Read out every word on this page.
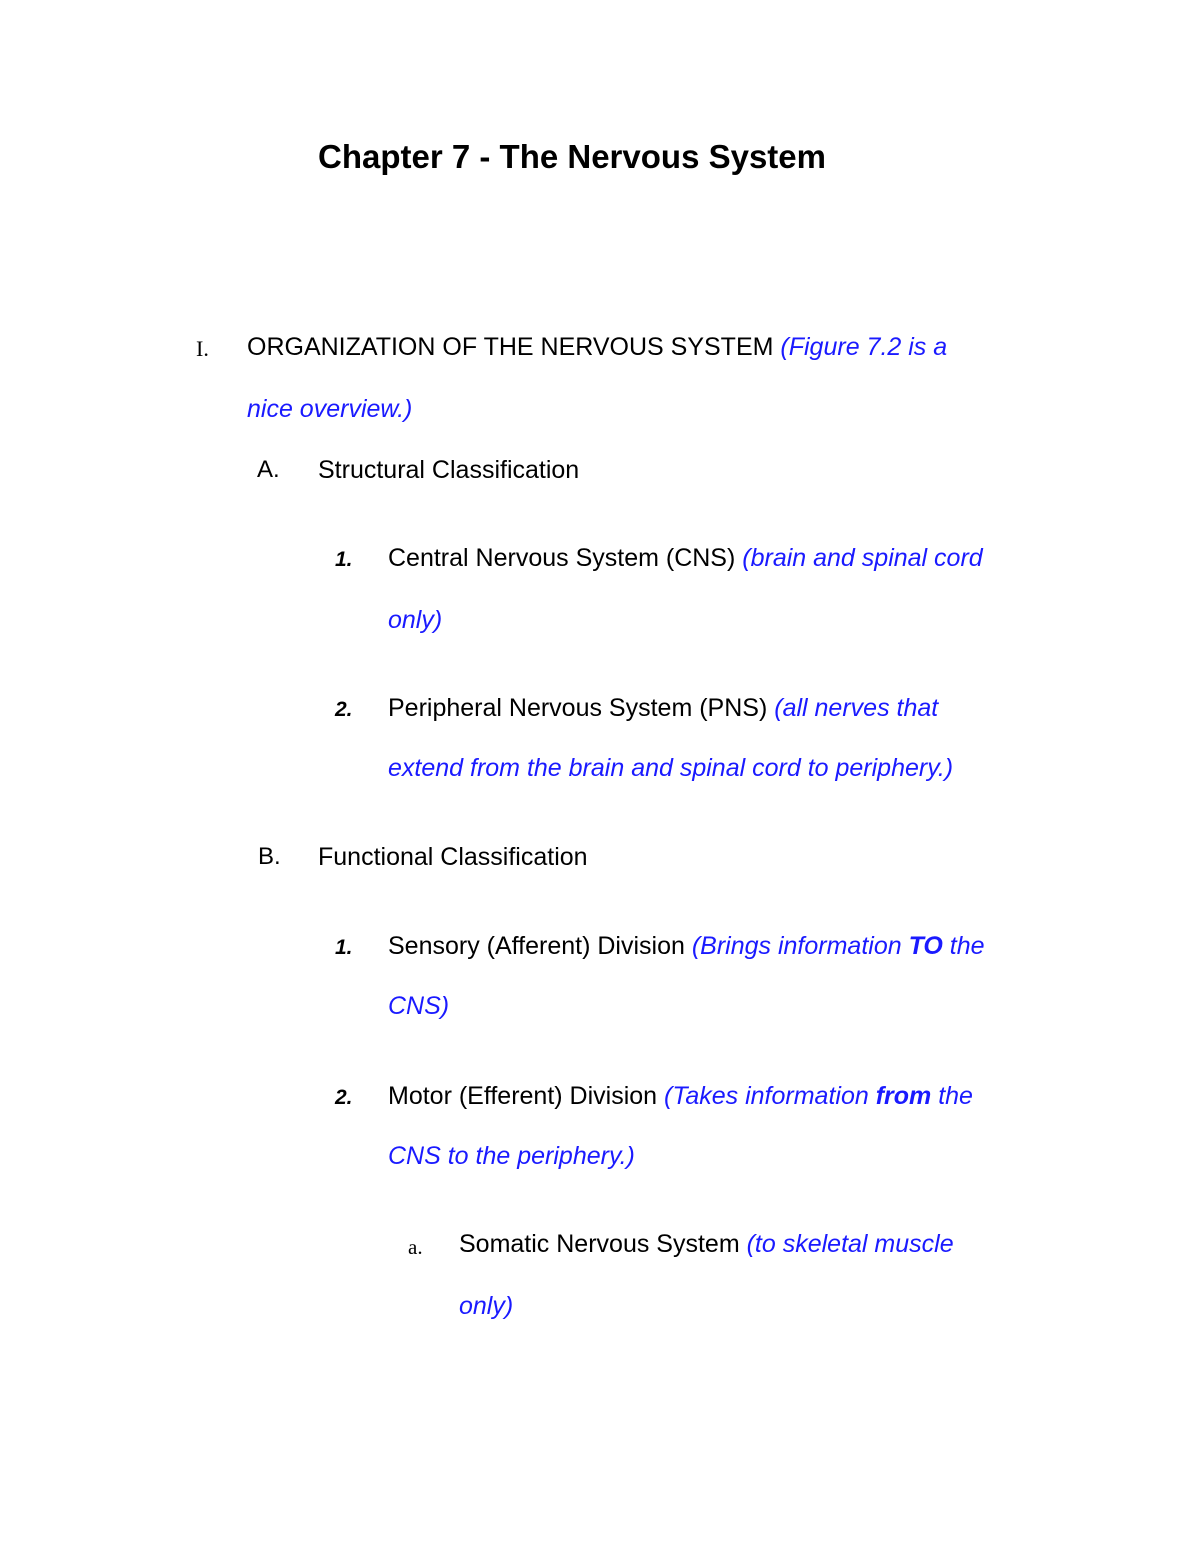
Chapter 7 - The Nervous System
I. ORGANIZATION OF THE NERVOUS SYSTEM (Figure 7.2 is a
nice overview.)
A. Structural Classification
1. Central Nervous System (CNS) (brain and spinal cord
only)
2. Peripheral Nervous System (PNS) (all nerves that
extend from the brain and spinal cord to periphery.)
B. Functional Classification
1. Sensory (Afferent) Division (Brings information TO the
CNS)
2. Motor (Efferent) Division (Takes information from the
CNS to the periphery.)
a. Somatic Nervous System (to skeletal muscle
only)
